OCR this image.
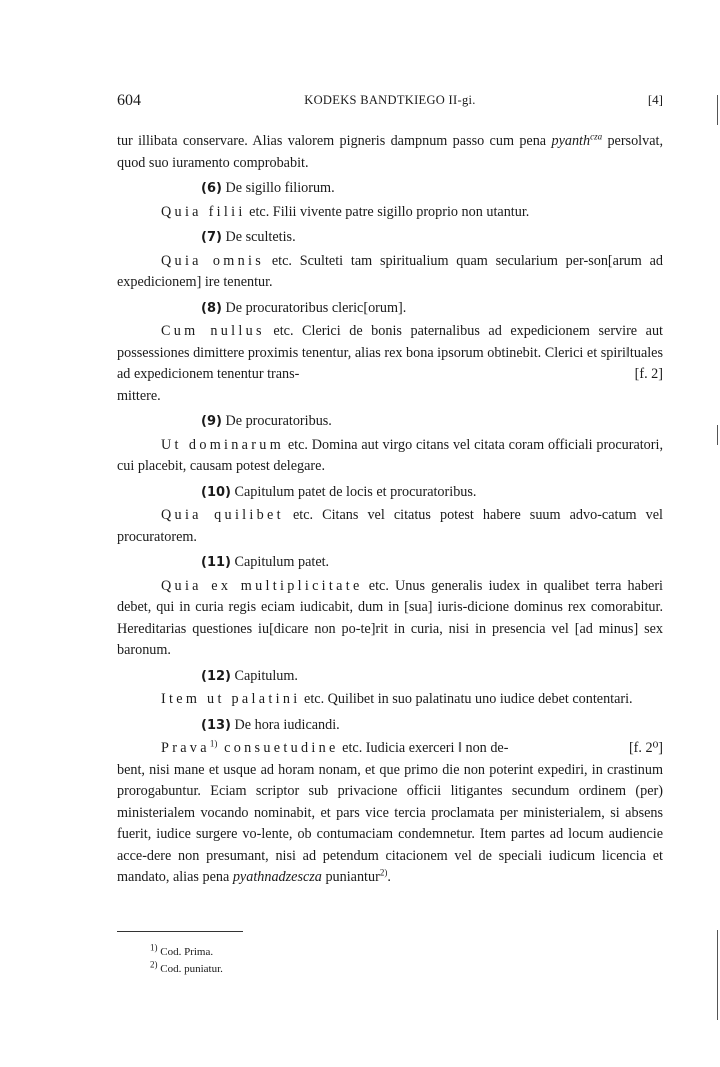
604	KODEKS BANDTKIEGO II-gi.	[4]

tur illibata conservare. Alias valorem pigneris dampnum passo cum pena pyanth$^{cza}$ persolvat, quod suo iuramento comprobabit.

(6) De sigillo filiorum.

Quia filii etc. Filii vivente patre sigillo proprio non utantur.

(7) De scultetis.

Quia omnis etc. Sculteti tam spiritualium quam secularium per-son[arum ad expedicionem] ire tenentur.

(8) De procuratoribus cleric[orum].

Cum nullus etc. Clerici de bonis paternalibus ad expedicionem servire aut possessiones dimittere proximis tenentur, alias rex bona ipsorum obtinebit. Clerici et spiri‖tuales ad expedicionem tenentur trans-	[f. 2]

mittere.

(9) De procuratoribus.

Ut dominarum etc. Domina aut virgo citans vel citata coram officiali procuratori, cui placebit, causam potest delegare.

(10) Capitulum patet de locis et procuratoribus.

Quia quilibet etc. Citans vel citatus potest habere suum advo-catum vel procuratorem.

(11) Capitulum patet.

Quia ex multiplicitate etc. Unus generalis iudex in qualibet terra haberi debet, qui in curia regis eciam iudicabit, dum in [sua] iuris-dicione dominus rex comorabitur. Hereditarias questiones iu[dicare non po-te]rit in curia, nisi in presencia vel [ad minus] sex baronum.

(12) Capitulum.

Item ut palatini etc. Quilibet in suo palatinatu uno iudice debet contentari.

(13) De hora iudicandi.

Prava$^{1)}$ consuetudine etc. Iudicia exerceri ‖ non de-	[f. 2⁰]

bent, nisi mane et usque ad horam nonam, et que primo die non poterint expediri, in crastinum prorogabuntur. Eciam scriptor sub privacione officii litigantes secundum ordinem (per) ministerialem vocando nominabit, et pars vice tercia proclamata per ministerialem, si absens fuerit, iudice surgere vo-lente, ob contumaciam condemnetur. Item partes ad locum audiencie acce-dere non presumant, nisi ad petendum citacionem vel de speciali iudicum licencia et mandato, alias pena pyathnadzescza puniantur$^{2)}$.

$^{1)}$ Cod. Prima.
$^{2)}$ Cod. puniatur.
